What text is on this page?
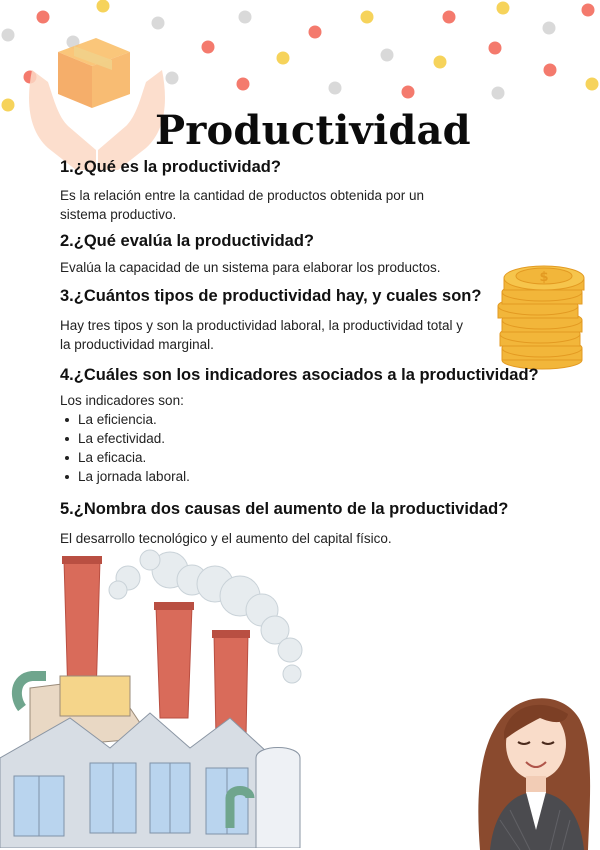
Productividad
$
1.¿Qué es la productividad?
Es la relación entre la cantidad de productos obtenida por un sistema productivo.
2.¿Qué evalúa la productividad?
Evalúa la capacidad de un sistema para elaborar los productos.
3.¿Cuántos tipos de productividad hay, y cuales son?
Hay tres tipos y son la productividad laboral, la productividad total y la productividad marginal.
4.¿Cuáles son los indicadores asociados a la productividad?
Los indicadores son:
La eficiencia.
La efectividad.
La eficacia.
La jornada laboral.
5.¿Nombra dos causas del aumento de la productividad?
El desarrollo tecnológico y el aumento del capital físico.
